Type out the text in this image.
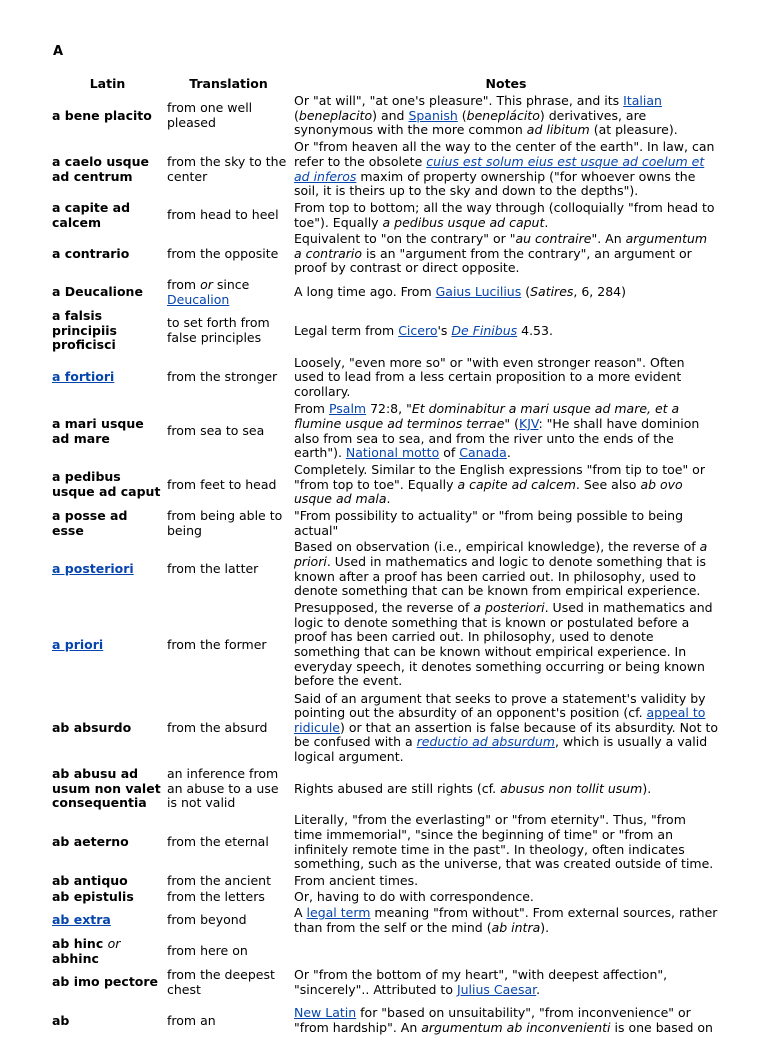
A
Latin	Translation	Notes
a bene placito	from one well pleased	Or "at will", "at one's pleasure". This phrase, and its Italian (beneplacito) and Spanish (beneplácito) derivatives, are synonymous with the more common ad libitum (at pleasure).
a caelo usque ad centrum	from the sky to the center	Or "from heaven all the way to the center of the earth". In law, can refer to the obsolete cuius est solum eius est usque ad coelum et ad inferos maxim of property ownership ("for whoever owns the soil, it is theirs up to the sky and down to the depths").
a capite ad calcem	from head to heel	From top to bottom; all the way through (colloquially "from head to toe"). Equally a pedibus usque ad caput.
a contrario	from the opposite	Equivalent to "on the contrary" or "au contraire". An argumentum a contrario is an "argument from the contrary", an argument or proof by contrast or direct opposite.
a Deucalione	from or since Deucalion	A long time ago. From Gaius Lucilius (Satires, 6, 284)
a falsis principiis proficisci	to set forth from false principles	Legal term from Cicero's De Finibus 4.53.
a fortiori	from the stronger	Loosely, "even more so" or "with even stronger reason". Often used to lead from a less certain proposition to a more evident corollary.
a mari usque ad mare	from sea to sea	From Psalm 72:8, "Et dominabitur a mari usque ad mare, et a flumine usque ad terminos terrae" (KJV: "He shall have dominion also from sea to sea, and from the river unto the ends of the earth"). National motto of Canada.
a pedibus usque ad caput	from feet to head	Completely. Similar to the English expressions "from tip to toe" or "from top to toe". Equally a capite ad calcem. See also ab ovo usque ad mala.
a posse ad esse	from being able to being	"From possibility to actuality" or "from being possible to being actual"
a posteriori	from the latter	Based on observation (i.e., empirical knowledge), the reverse of a priori. Used in mathematics and logic to denote something that is known after a proof has been carried out. In philosophy, used to denote something that can be known from empirical experience.
a priori	from the former	Presupposed, the reverse of a posteriori. Used in mathematics and logic to denote something that is known or postulated before a proof has been carried out. In philosophy, used to denote something that can be known without empirical experience. In everyday speech, it denotes something occurring or being known before the event.
ab absurdo	from the absurd	Said of an argument that seeks to prove a statement's validity by pointing out the absurdity of an opponent's position (cf. appeal to ridicule) or that an assertion is false because of its absurdity. Not to be confused with a reductio ad absurdum, which is usually a valid logical argument.
ab abusu ad usum non valet consequentia	an inference from an abuse to a use is not valid	Rights abused are still rights (cf. abusus non tollit usum).
ab aeterno	from the eternal	Literally, "from the everlasting" or "from eternity". Thus, "from time immemorial", "since the beginning of time" or "from an infinitely remote time in the past". In theology, often indicates something, such as the universe, that was created outside of time.
ab antiquo	from the ancient	From ancient times.
ab epistulis	from the letters	Or, having to do with correspondence.
ab extra	from beyond	A legal term meaning "from without". From external sources, rather than from the self or the mind (ab intra).
ab hinc or abhinc	from here on	
ab imo pectore	from the deepest chest	Or "from the bottom of my heart", "with deepest affection", "sincerely".. Attributed to Julius Caesar.
ab	from an	New Latin for "based on unsuitability", "from inconvenience" or "from hardship". An argumentum ab inconvenienti is one based on
